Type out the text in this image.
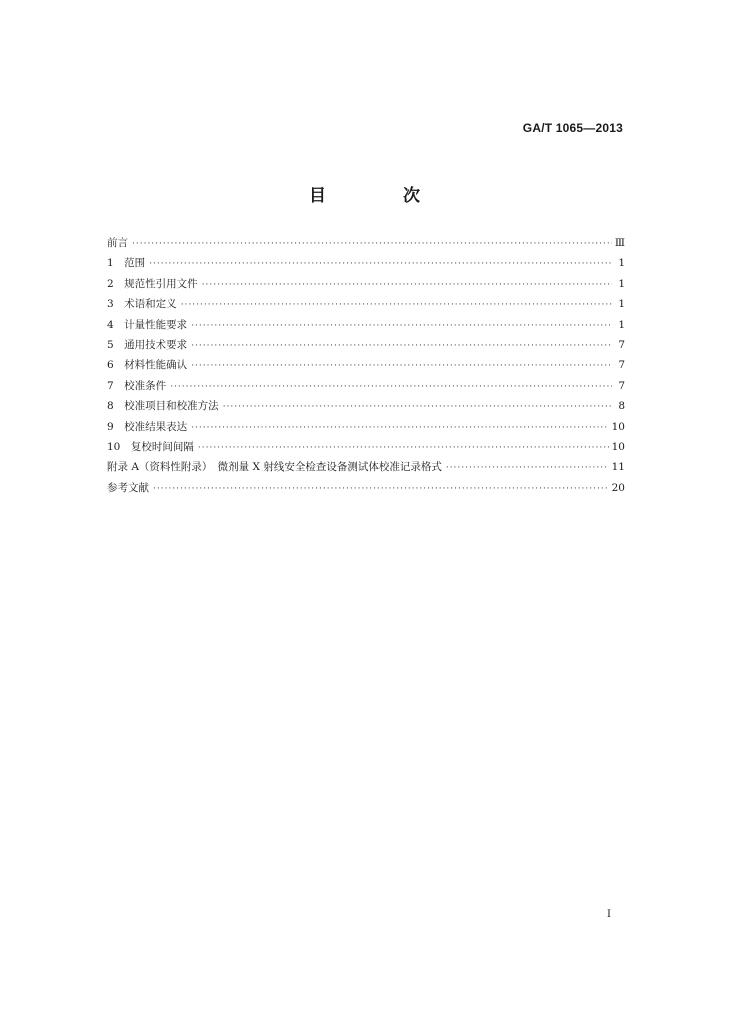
GA/T 1065—2013
目　次
前言 ·····	Ⅲ
1　范围 ·····	1
2　规范性引用文件 ·····	1
3　术语和定义 ·····	1
4　计量性能要求 ·····	1
5　通用技术要求 ·····	7
6　材料性能确认 ·····	7
7　校准条件 ·····	7
8　校准项目和校准方法 ·····	8
9　校准结果表达 ·····	10
10　复校时间间隔 ·····	10
附录 A（资料性附录）　微剂量 X 射线安全检查设备测试体校准记录格式 ·····	11
参考文献 ·····	20
I
